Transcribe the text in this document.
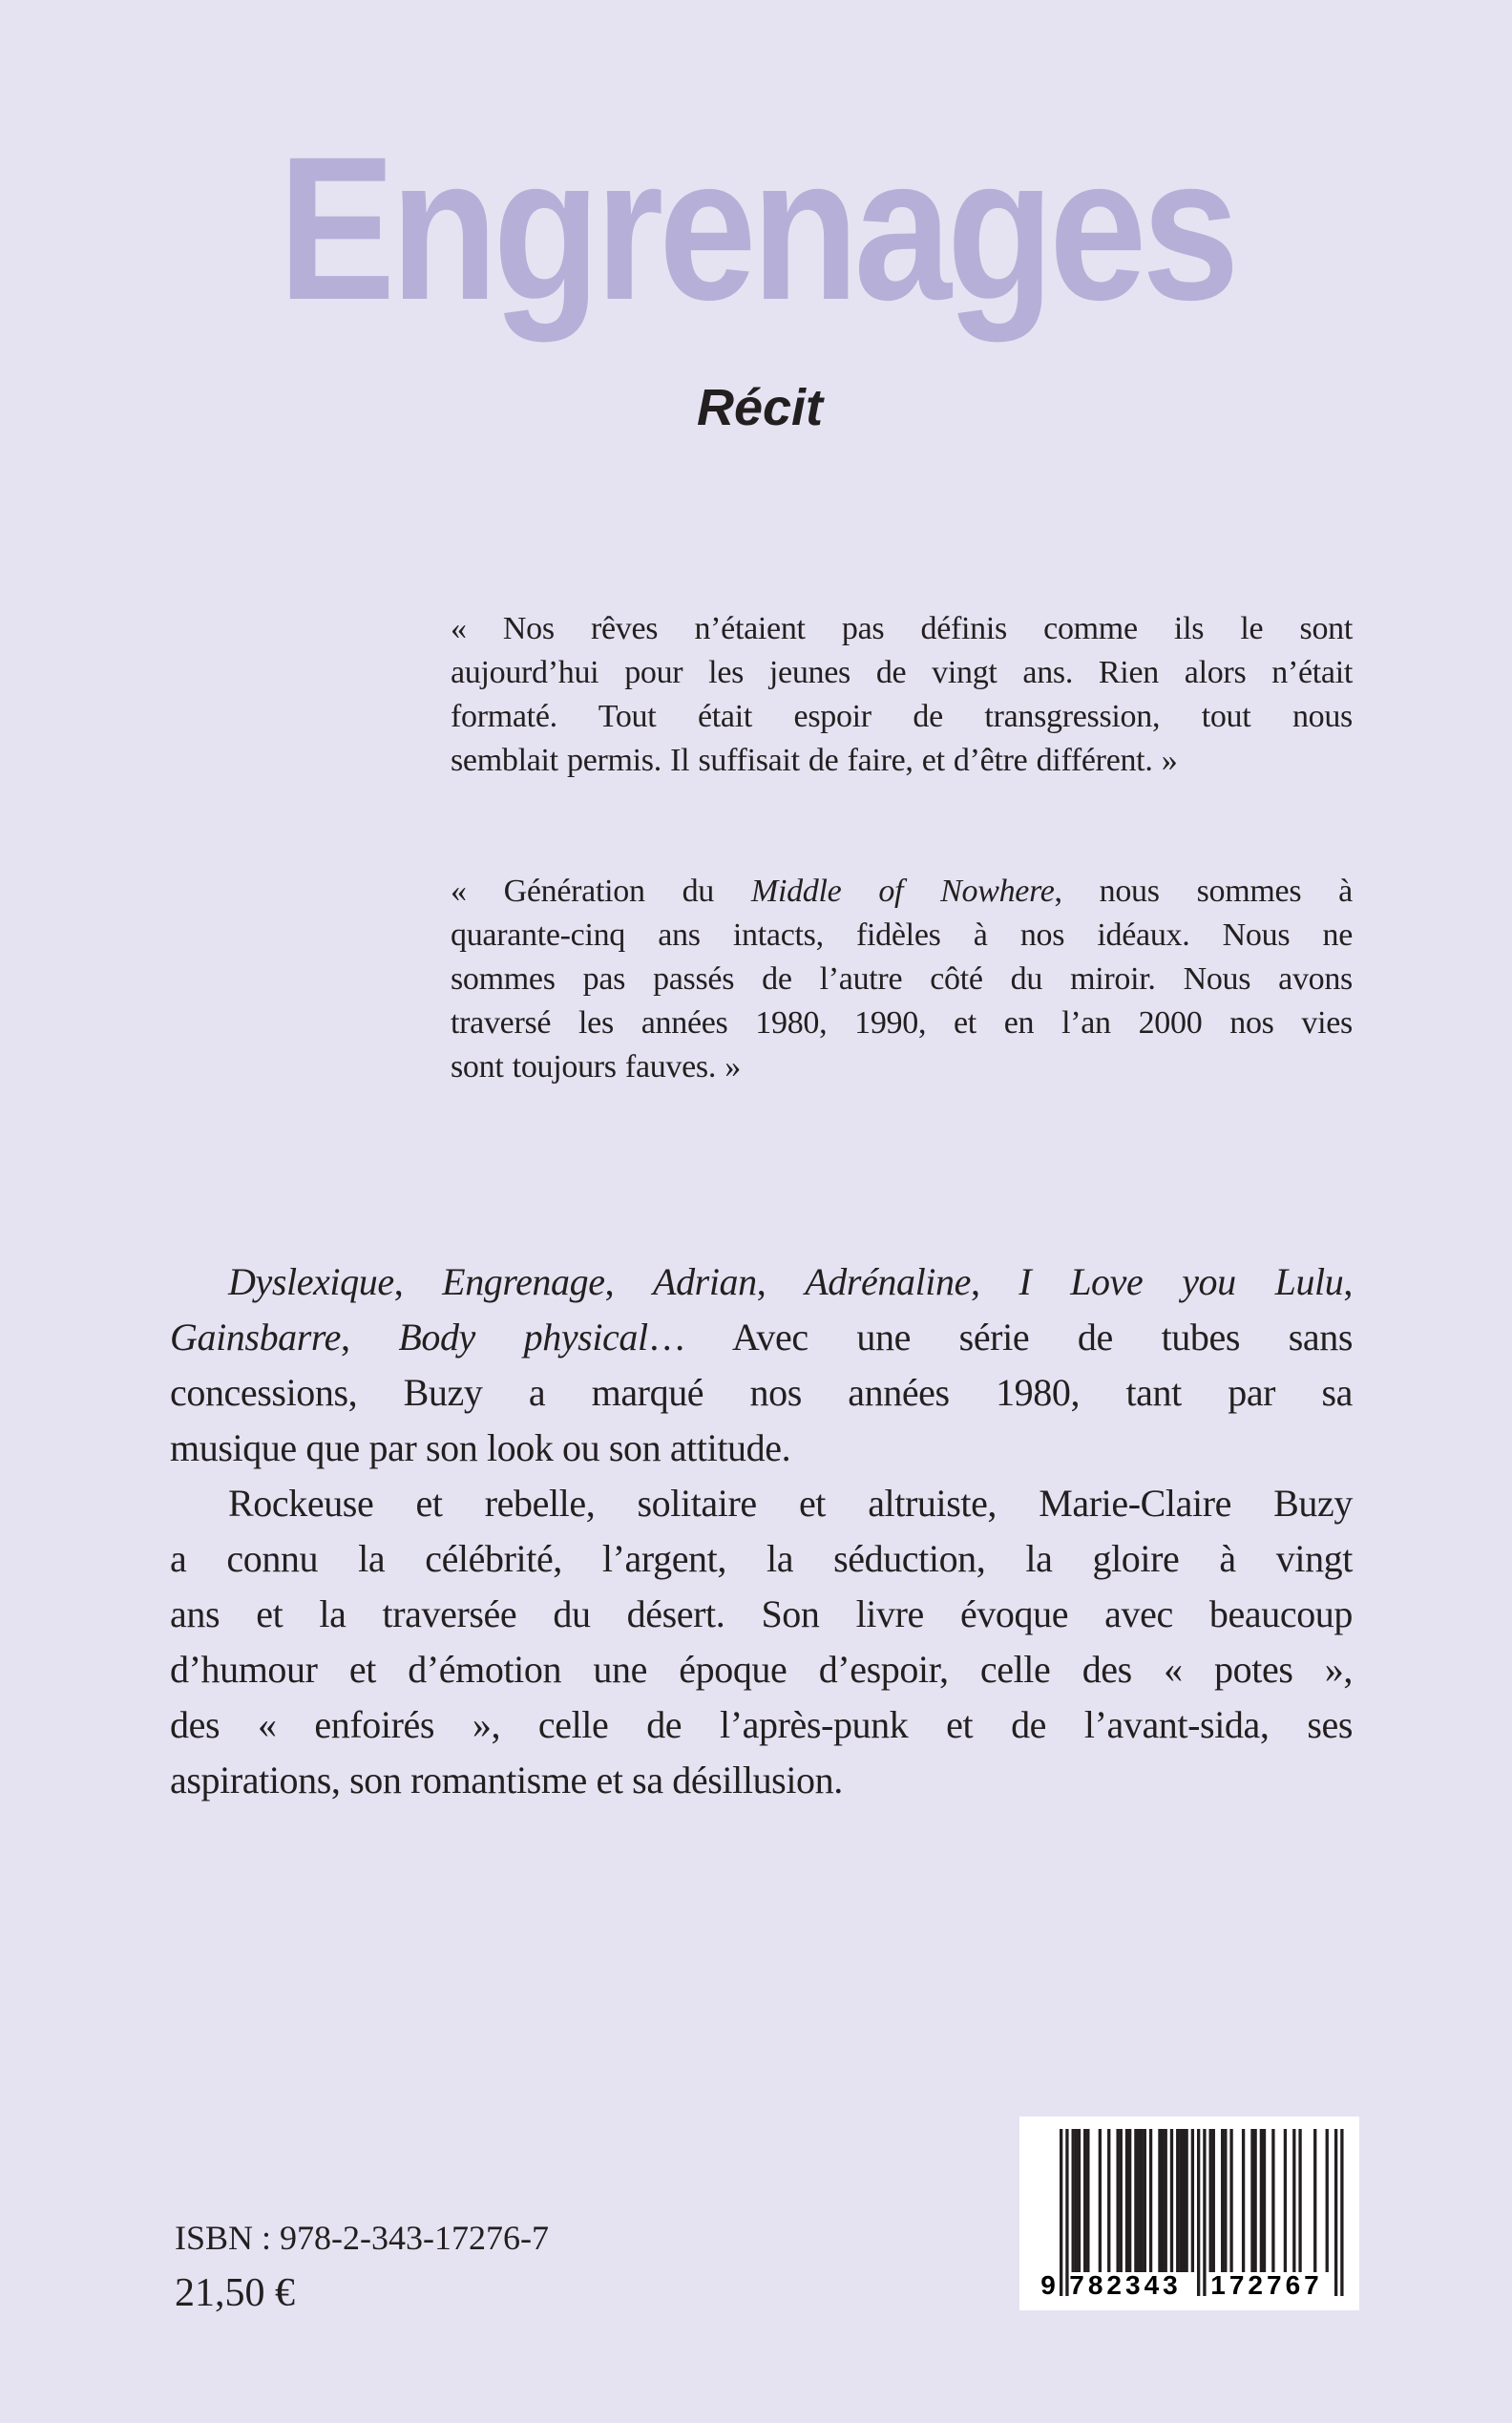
Engrenages
Récit
« Nos rêves n’étaient pas définis comme ils le sont
aujourd’hui pour les jeunes de vingt ans. Rien alors n’était
formaté. Tout était espoir de transgression, tout nous
semblait permis. Il suffisait de faire, et d’être différent. »
« Génération du Middle of Nowhere, nous sommes à
quarante-cinq ans intacts, fidèles à nos idéaux. Nous ne
sommes pas passés de l’autre côté du miroir. Nous avons
traversé les années 1980, 1990, et en l’an 2000 nos vies
sont toujours fauves. »
Dyslexique, Engrenage, Adrian, Adrénaline, I Love you Lulu,
Gainsbarre, Body physical… Avec une série de tubes sans
concessions, Buzy a marqué nos années 1980, tant par sa
musique que par son look ou son attitude.
Rockeuse et rebelle, solitaire et altruiste, Marie-Claire Buzy
a connu la célébrité, l’argent, la séduction, la gloire à vingt
ans et la traversée du désert. Son livre évoque avec beaucoup
d’humour et d’émotion une époque d’espoir, celle des « potes »,
des « enfoirés », celle de l’après-punk et de l’avant-sida, ses
aspirations, son romantisme et sa désillusion.
ISBN : 978-2-343-17276-7
21,50 €	9 782343 172767
